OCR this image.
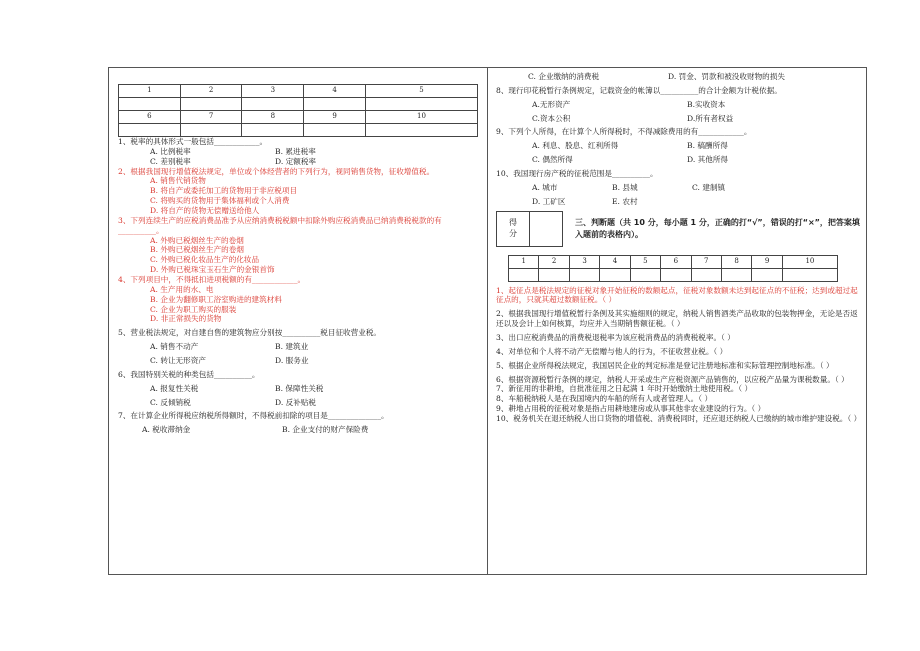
1	2	3	4	5

6	7	8	9	10

1、税率的具体形式一般包括____________。

A. 比例税率	B. 累进税率
C. 差别税率	D. 定额税率

2、根据我国现行增值税法规定，单位或个体经营者的下列行为，视同销售货物，征收增值税。

A. 销售代销货物
B. 将自产或委托加工的货物用于非应税项目
C. 将购买的货物用于集体福利或个人消费
D. 将自产的货物无偿赠送给他人

3、下列连续生产的应税消费品准予从应纳消费税税额中扣除外购应税消费品已纳消费税税款的有__________。

A. 外购已税烟丝生产的卷烟
B. 外购已税烟丝生产的卷烟
C. 外购已税化妆品生产的化妆品
D. 外购已税珠宝玉石生产的金银首饰

4、下列项目中，不得抵扣进项税额的有____________。

A. 生产用的水、电
B. 企业为翻修职工浴室购进的建筑材料
C. 企业为职工购买的服装
D. 非正常损失的货物

5、营业税法规定，对自建自售的建筑物应分别按__________税目征收营业税。

A. 销售不动产	B. 建筑业
C. 转让无形资产	D. 服务业

6、我国特别关税的种类包括__________。

A. 报复性关税	B. 保障性关税
C. 反倾销税	D. 反补贴税

7、在计算企业所得税应纳税所得额时，不得税前扣除的项目是______________。

A. 税收滞纳金	B. 企业支付的财产保险费
C. 企业缴纳的消费税	D. 罚金、罚款和被没收财物的损失

8、现行印花税暂行条例规定，记载资金的帐簿以__________的合计金额为计税依据。

A.无形资产	B.实收资本
C.资本公积	D.所有者权益

9、下列个人所得，在计算个人所得税时，不得减除费用的有____________。

A. 利息、股息、红利所得	B. 稿酬所得
C. 偶然所得	D. 其他所得

10、我国现行房产税的征税范围是__________。

A. 城市	B. 县城	C. 建制镇
D. 工矿区	E. 农村
得
分
三、判断题（共 10 分，每小题 1 分，正确的打“√”，错误的打“×”，把答案填入题前的表格内）。
1	2	3	4	5	6	7	8	9	10

1、起征点是税法规定的征税对象开始征税的数额起点，征税对象数额未达到起征点的不征税；达到或超过起征点的，只就其超过数额征税。（ ）

2、根据我国现行增值税暂行条例及其实施细则的规定，纳税人销售酒类产品收取的包装物押金，无论是否返还以及会计上如何核算，均应并入当期销售额征税。（ ）

3、出口应税消费品的消费税退税率为该应税消费品的消费税税率。（ ）

4、对单位和个人将不动产无偿赠与他人的行为，不征收营业税。（ ）

5、根据企业所得税法规定，我国居民企业的判定标准是登记注册地标准和实际管理控制地标准。（ ）

6、根据资源税暂行条例的规定，纳税人开采或生产应税资源产品销售的，以应税产品量为课税数量。（ ）

7、新征用的非耕地，自批准征用之日起满 1 年时开始缴纳土地使用税。（ ）

8、车船税纳税人是在我国境内的车船的所有人或者管理人。（ ）

9、耕地占用税的征税对象是指占用耕地建房或从事其他非农业建设的行为。（ ）

10、税务机关在退还纳税人出口货物的增值税、消费税同时，还应退还纳税人已缴纳的城市维护建设税。（ ）
